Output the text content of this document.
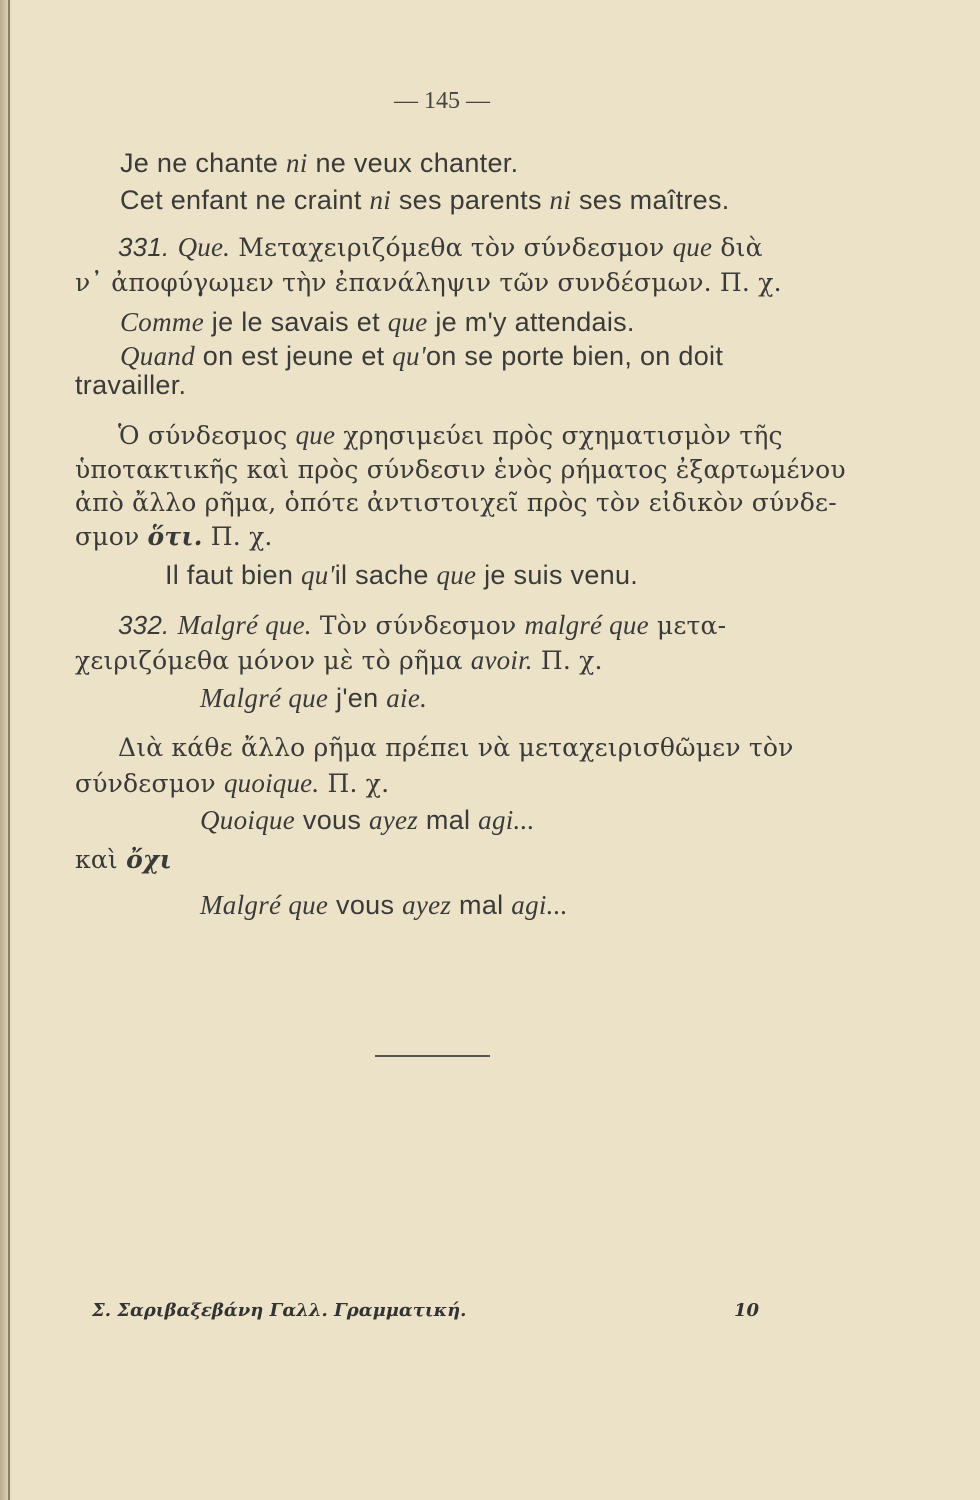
— 145 —
Je ne chante ni ne veux chanter.
Cet enfant ne craint ni ses parents ni ses maîtres.
331. Que. Μεταχειριζόμεθα τὸν σύνδεσμον que διὰ
ν᾽ ἀποφύγωμεν τὴν ἐπανάληψιν τῶν συνδέσμων. Π. χ.
Comme je le savais et que je m'y attendais.
Quand on est jeune et qu'on se porte bien, on doit
travailler.
Ὁ σύνδεσμος que χρησιμεύει πρὸς σχηματισμὸν τῆς
ὑποτακτικῆς καὶ πρὸς σύνδεσιν ἑνὸς ρήματος ἐξαρτωμένου
ἀπὸ ἄλλο ρῆμα, ὁπότε ἀντιστοιχεῖ πρὸς τὸν εἰδικὸν σύνδε-
σμον ὅτι. Π. χ.
Il faut bien qu'il sache que je suis venu.
332. Malgré que. Τὸν σύνδεσμον malgré que μετα-
χειριζόμεθα μόνον μὲ τὸ ρῆμα avoir. Π. χ.
Malgré que j'en aie.
Διὰ κάθε ἄλλο ρῆμα πρέπει νὰ μεταχειρισθῶμεν τὸν
σύνδεσμον quoique. Π. χ.
Quoique vous ayez mal agi...
καὶ ὄχι
Malgré que vous ayez mal agi...
Σ. Σαριβαξεβάνη Γαλλ. Γραμματική.	10
